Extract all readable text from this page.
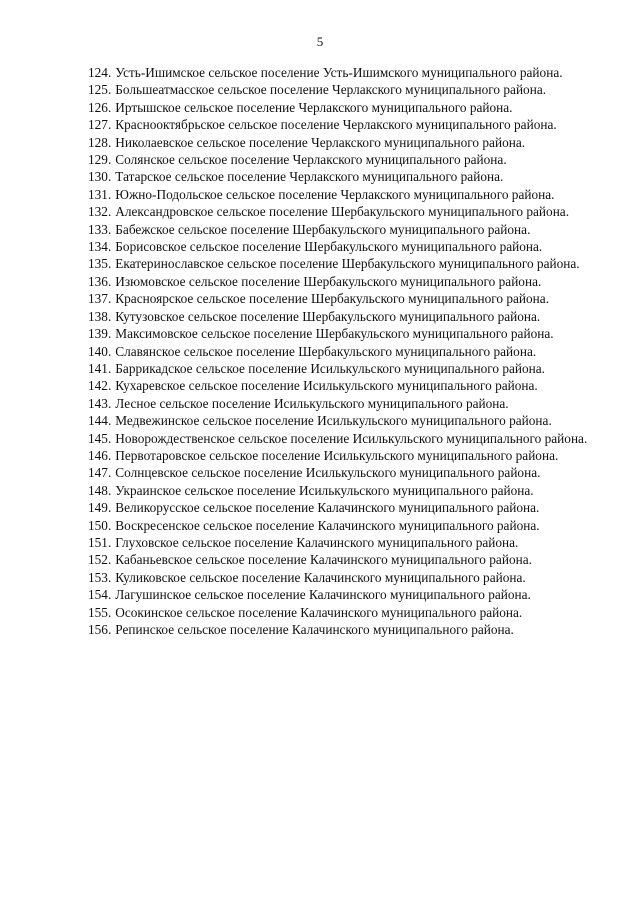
5

124. Усть-Ишимское сельское поселение Усть-Ишимского муниципального района.

125. Большеатмасское сельское поселение Черлакского муниципального района.

126. Иртышское сельское поселение Черлакского муниципального района.

127. Краснооктябрьское сельское поселение Черлакского муниципального района.

128. Николаевское сельское поселение Черлакского муниципального района.

129. Солянское сельское поселение Черлакского муниципального района.

130. Татарское сельское поселение Черлакского муниципального района.

131. Южно-Подольское сельское поселение Черлакского муниципального района.

132. Александровское сельское поселение Шербакульского муниципального района.

133. Бабежское сельское поселение Шербакульского муниципального района.

134. Борисовское сельское поселение Шербакульского муниципального района.

135. Екатеринославское сельское поселение Шербакульского муниципального района.

136. Изюмовское сельское поселение Шербакульского муниципального района.

137. Красноярское сельское поселение Шербакульского муниципального района.

138. Кутузовское сельское поселение Шербакульского муниципального района.

139. Максимовское сельское поселение Шербакульского муниципального района.

140. Славянское сельское поселение Шербакульского муниципального района.

141. Баррикадское сельское поселение Исилькульского муниципального района.

142. Кухаревское сельское поселение Исилькульского муниципального района.

143. Лесное сельское поселение Исилькульского муниципального района.

144. Медвежинское сельское поселение Исилькульского муниципального района.

145. Новорождественское сельское поселение Исилькульского муниципального района.

146. Первотаровское сельское поселение Исилькульского муниципального района.

147. Солнцевское сельское поселение Исилькульского муниципального района.

148. Украинское сельское поселение Исилькульского муниципального района.

149. Великорусское сельское поселение Калачинского муниципального района.

150. Воскресенское сельское поселение Калачинского муниципального района.

151. Глуховское сельское поселение Калачинского муниципального района.

152. Кабаньевское сельское поселение Калачинского муниципального района.

153. Куликовское сельское поселение Калачинского муниципального района.

154. Лагушинское сельское поселение Калачинского муниципального района.

155. Осокинское сельское поселение Калачинского муниципального района.

156. Репинское сельское поселение Калачинского муниципального района.
